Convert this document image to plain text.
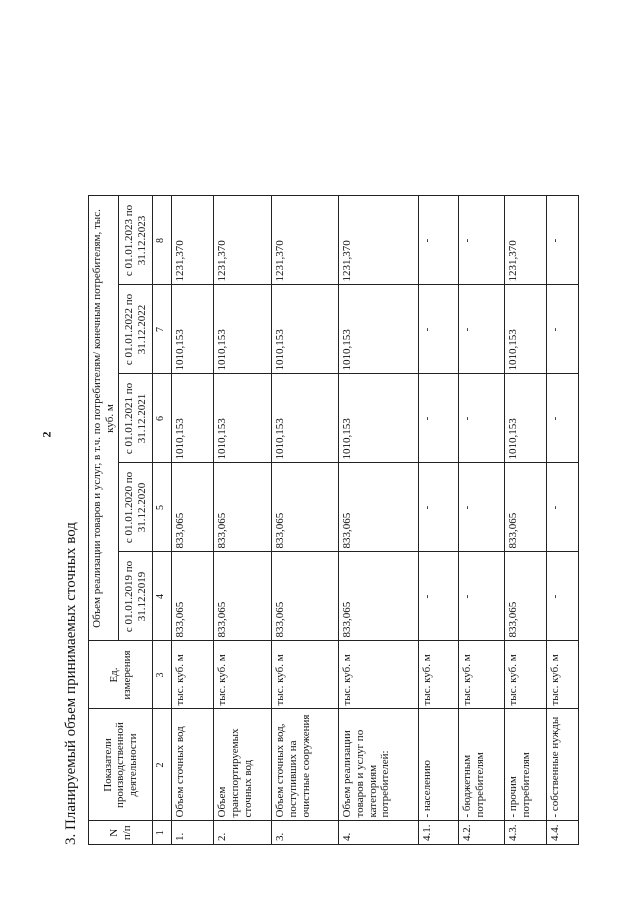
2
3. Планируемый объем принимаемых сточных вод	N п/п	Показатели производственной деятельности	Ед. измерения	Объем реализации товаров и услуг, в т.ч. по потребителям/ конечным потребителям, тыс. куб. м				
			с 01.01.2019 по 31.12.2019	с 01.01.2020 по 31.12.2020	с 01.01.2021 по 31.12.2021	с 01.01.2022 по 31.12.2022	с 01.01.2023 по 31.12.2023
1	2	3	4	5	6	7	8
1.	Объем сточных вод	тыс. куб. м	833,065	833,065	1010,153	1010,153	1231,370
2.	Объем транспортируемых сточных вод	тыс. куб. м	833,065	833,065	1010,153	1010,153	1231,370
3.	Объем сточных вод, поступивших на очистные сооружения	тыс. куб. м	833,065	833,065	1010,153	1010,153	1231,370
4.	Объем реализации товаров и услуг по категориям потребителей:	тыс. куб. м	833,065	833,065	1010,153	1010,153	1231,370
4.1.	- населению	тыс. куб. м	-	-	-	-	-
4.2.	- бюджетным потребителям	тыс. куб. м	-	-	-	-	-
4.3.	- прочим потребителям	тыс. куб. м	833,065	833,065	1010,153	1010,153	1231,370
4.4.	- собственные нужды	тыс. куб. м	-	-	-	-	-
